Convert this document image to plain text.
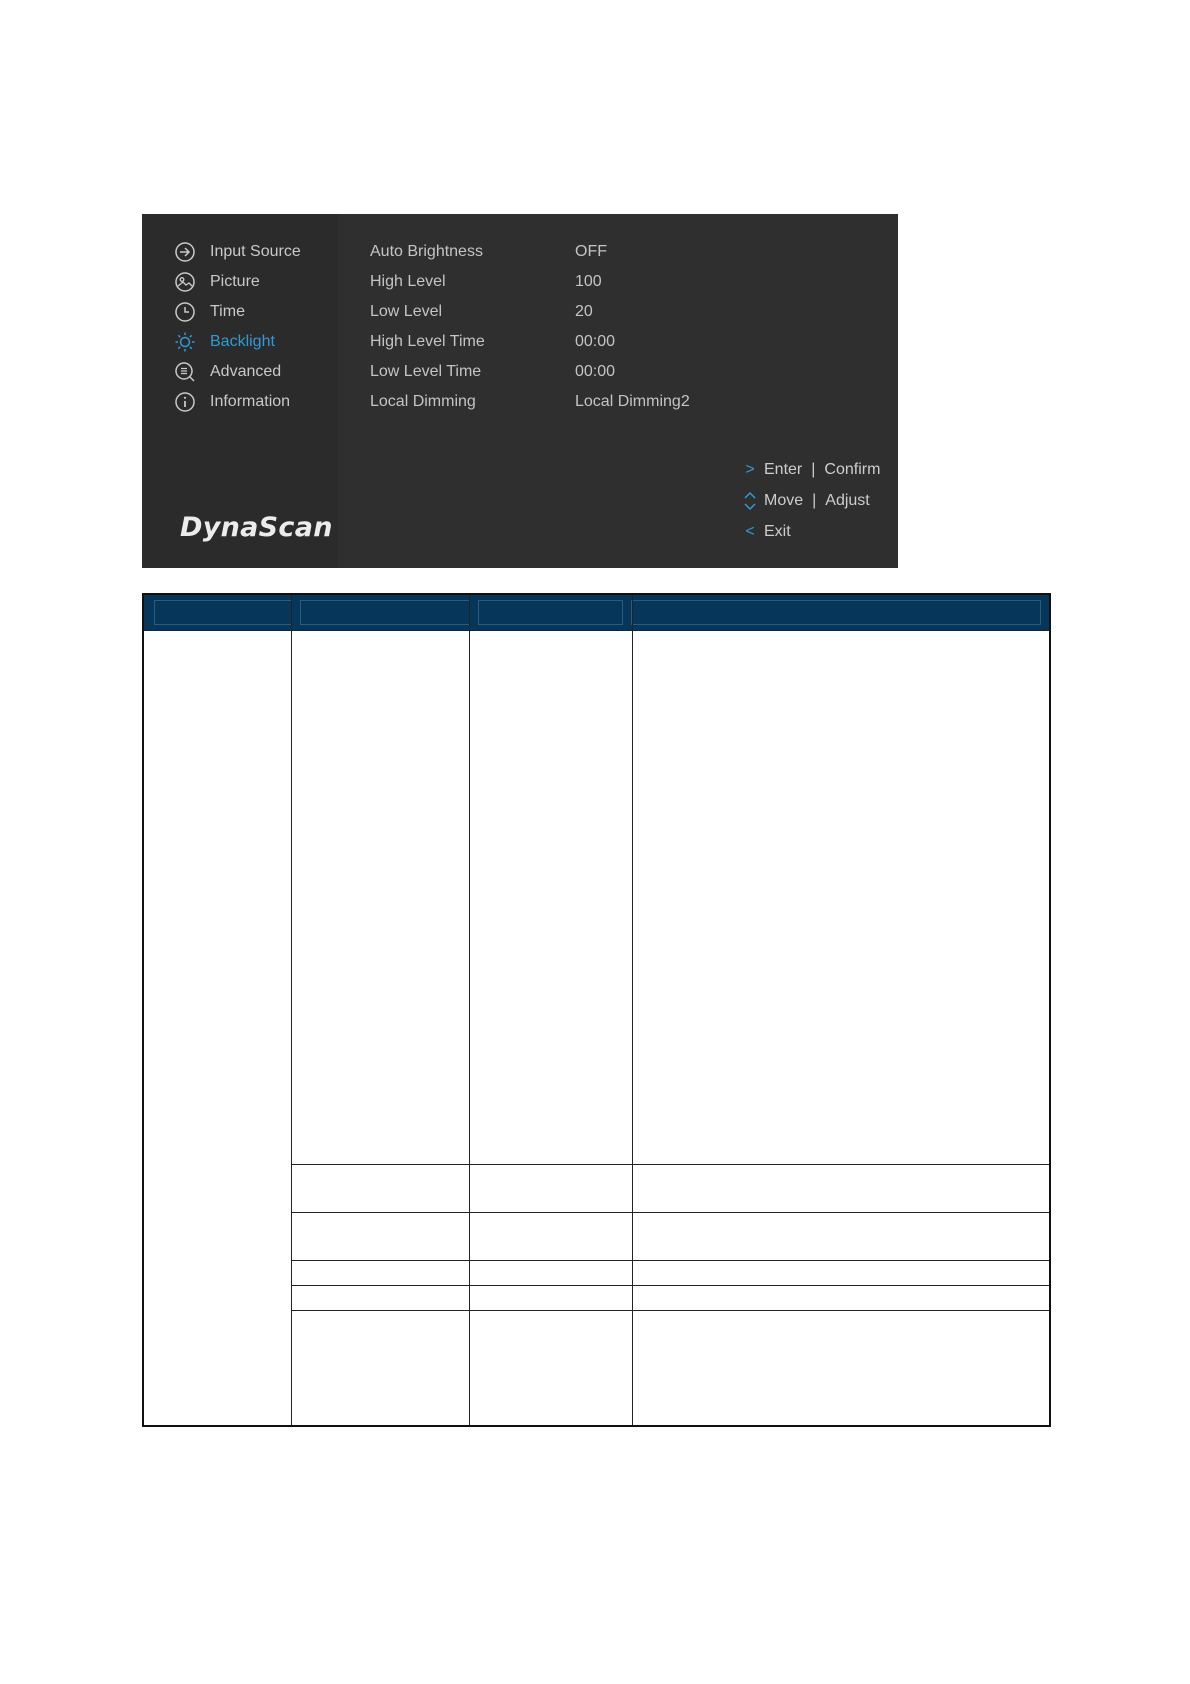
Input Source
Picture
Time
Backlight
Advanced
Information
DynaScan
Auto Brightness	OFF
High Level	100
Low Level	20
High Level Time	00:00
Low Level Time	00:00
Local Dimming	Local Dimming2
> Enter | Confirm
Move | Adjust
< Exit
